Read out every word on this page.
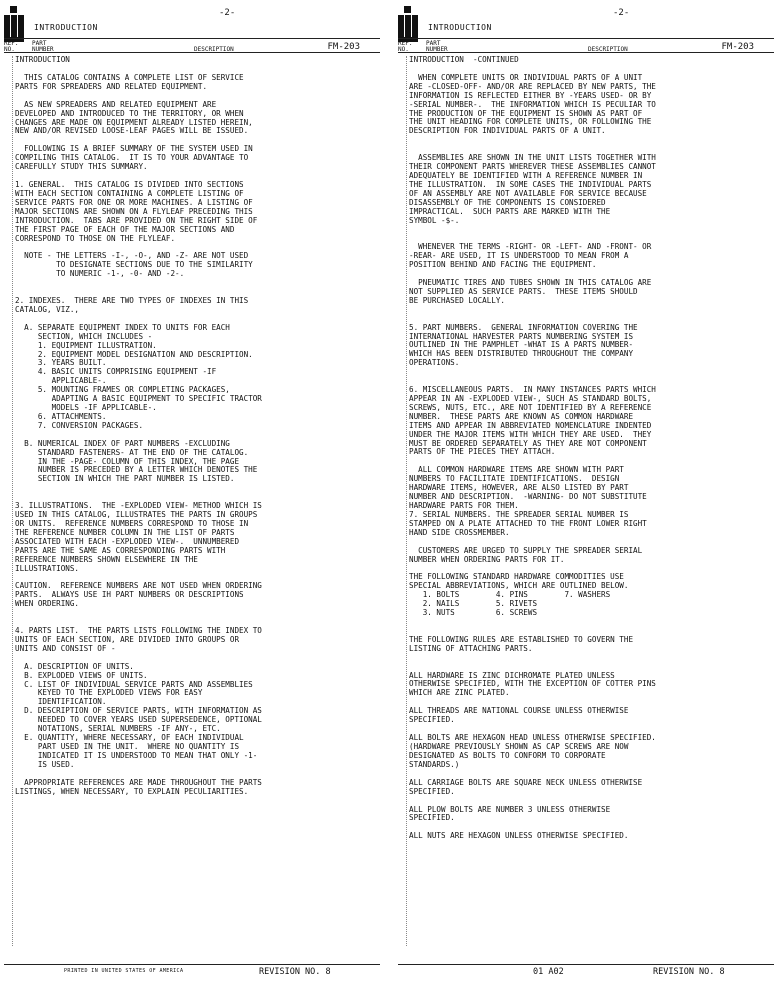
INTRODUCTION
-2-
REF.
NO.
PART
NUMBER	DESCRIPTION	FM-203

INTRODUCTION

THIS CATALOG CONTAINS A COMPLETE LIST OF SERVICE
PARTS FOR SPREADERS AND RELATED EQUIPMENT.

AS NEW SPREADERS AND RELATED EQUIPMENT ARE
DEVELOPED AND INTRODUCED TO THE TERRITORY, OR WHEN
CHANGES ARE MADE ON EQUIPMENT ALREADY LISTED HEREIN,
NEW AND/OR REVISED LOOSE-LEAF PAGES WILL BE ISSUED.

FOLLOWING IS A BRIEF SUMMARY OF THE SYSTEM USED IN
COMPILING THIS CATALOG.  IT IS TO YOUR ADVANTAGE TO
CAREFULLY STUDY THIS SUMMARY.

1. GENERAL.  THIS CATALOG IS DIVIDED INTO SECTIONS
WITH EACH SECTION CONTAINING A COMPLETE LISTING OF
SERVICE PARTS FOR ONE OR MORE MACHINES. A LISTING OF
MAJOR SECTIONS ARE SHOWN ON A FLYLEAF PRECEDING THIS
INTRODUCTION.  TABS ARE PROVIDED ON THE RIGHT SIDE OF
THE FIRST PAGE OF EACH OF THE MAJOR SECTIONS AND
CORRESPOND TO THOSE ON THE FLYLEAF.

NOTE - THE LETTERS -I-, -O-, AND -Z- ARE NOT USED
TO DESIGNATE SECTIONS DUE TO THE SIMILARITY
TO NUMERIC -1-, -0- AND -2-.

2. INDEXES.  THERE ARE TWO TYPES OF INDEXES IN THIS
CATALOG, VIZ.,

A. SEPARATE EQUIPMENT INDEX TO UNITS FOR EACH
SECTION, WHICH INCLUDES -
1. EQUIPMENT ILLUSTRATION.
2. EQUIPMENT MODEL DESIGNATION AND DESCRIPTION.
3. YEARS BUILT.
4. BASIC UNITS COMPRISING EQUIPMENT -IF
APPLICABLE-.
5. MOUNTING FRAMES OR COMPLETING PACKAGES,
ADAPTING A BASIC EQUIPMENT TO SPECIFIC TRACTOR
MODELS -IF APPLICABLE-.
6. ATTACHMENTS.
7. CONVERSION PACKAGES.

B. NUMERICAL INDEX OF PART NUMBERS -EXCLUDING
STANDARD FASTENERS- AT THE END OF THE CATALOG.
IN THE -PAGE- COLUMN OF THIS INDEX, THE PAGE
NUMBER IS PRECEDED BY A LETTER WHICH DENOTES THE
SECTION IN WHICH THE PART NUMBER IS LISTED.

3. ILLUSTRATIONS.  THE -EXPLODED VIEW- METHOD WHICH IS
USED IN THIS CATALOG, ILLUSTRATES THE PARTS IN GROUPS
OR UNITS.  REFERENCE NUMBERS CORRESPOND TO THOSE IN
THE REFERENCE NUMBER COLUMN IN THE LIST OF PARTS
ASSOCIATED WITH EACH -EXPLODED VIEW-.  UNNUMBERED
PARTS ARE THE SAME AS CORRESPONDING PARTS WITH
REFERENCE NUMBERS SHOWN ELSEWHERE IN THE
ILLUSTRATIONS.

CAUTION.  REFERENCE NUMBERS ARE NOT USED WHEN ORDERING
PARTS.  ALWAYS USE IH PART NUMBERS OR DESCRIPTIONS
WHEN ORDERING.

4. PARTS LIST.  THE PARTS LISTS FOLLOWING THE INDEX TO
UNITS OF EACH SECTION, ARE DIVIDED INTO GROUPS OR
UNITS AND CONSIST OF -

A. DESCRIPTION OF UNITS.
B. EXPLODED VIEWS OF UNITS.
C. LIST OF INDIVIDUAL SERVICE PARTS AND ASSEMBLIES
KEYED TO THE EXPLODED VIEWS FOR EASY
IDENTIFICATION.
D. DESCRIPTION OF SERVICE PARTS, WITH INFORMATION AS
NEEDED TO COVER YEARS USED SUPERSEDENCE, OPTIONAL
NOTATIONS, SERIAL NUMBERS -IF ANY-, ETC.
E. QUANTITY, WHERE NECESSARY, OF EACH INDIVIDUAL
PART USED IN THE UNIT.  WHERE NO QUANTITY IS
INDICATED IT IS UNDERSTOOD TO MEAN THAT ONLY -1-
IS USED.

APPROPRIATE REFERENCES ARE MADE THROUGHOUT THE PARTS
LISTINGS, WHEN NECESSARY, TO EXPLAIN PECULIARITIES.

PRINTED IN UNITED STATES OF AMERICA	REVISION NO. 8
INTRODUCTION
-2-
REF.
NO.
PART
NUMBER	DESCRIPTION	FM-203

INTRODUCTION  -CONTINUED

WHEN COMPLETE UNITS OR INDIVIDUAL PARTS OF A UNIT
ARE -CLOSED-OFF- AND/OR ARE REPLACED BY NEW PARTS, THE
INFORMATION IS REFLECTED EITHER BY -YEARS USED- OR BY
-SERIAL NUMBER-.  THE INFORMATION WHICH IS PECULIAR TO
THE PRODUCTION OF THE EQUIPMENT IS SHOWN AS PART OF
THE UNIT HEADING FOR COMPLETE UNITS, OR FOLLOWING THE
DESCRIPTION FOR INDIVIDUAL PARTS OF A UNIT.

ASSEMBLIES ARE SHOWN IN THE UNIT LISTS TOGETHER WITH
THEIR COMPONENT PARTS WHEREVER THESE ASSEMBLIES CANNOT
ADEQUATELY BE IDENTIFIED WITH A REFERENCE NUMBER IN
THE ILLUSTRATION.  IN SOME CASES THE INDIVIDUAL PARTS
OF AN ASSEMBLY ARE NOT AVAILABLE FOR SERVICE BECAUSE
DISASSEMBLY OF THE COMPONENTS IS CONSIDERED
IMPRACTICAL.  SUCH PARTS ARE MARKED WITH THE
SYMBOL -$-.

WHENEVER THE TERMS -RIGHT- OR -LEFT- AND -FRONT- OR
-REAR- ARE USED, IT IS UNDERSTOOD TO MEAN FROM A
POSITION BEHIND AND FACING THE EQUIPMENT.

PNEUMATIC TIRES AND TUBES SHOWN IN THIS CATALOG ARE
NOT SUPPLIED AS SERVICE PARTS.  THESE ITEMS SHOULD
BE PURCHASED LOCALLY.

5. PART NUMBERS.  GENERAL INFORMATION COVERING THE
INTERNATIONAL HARVESTER PARTS NUMBERING SYSTEM IS
OUTLINED IN THE PAMPHLET -WHAT IS A PARTS NUMBER-
WHICH HAS BEEN DISTRIBUTED THROUGHOUT THE COMPANY
OPERATIONS.

6. MISCELLANEOUS PARTS.  IN MANY INSTANCES PARTS WHICH
APPEAR IN AN -EXPLODED VIEW-, SUCH AS STANDARD BOLTS,
SCREWS, NUTS, ETC., ARE NOT IDENTIFIED BY A REFERENCE
NUMBER.  THESE PARTS ARE KNOWN AS COMMON HARDWARE
ITEMS AND APPEAR IN ABBREVIATED NOMENCLATURE INDENTED
UNDER THE MAJOR ITEMS WITH WHICH THEY ARE USED.  THEY
MUST BE ORDERED SEPARATELY AS THEY ARE NOT COMPONENT
PARTS OF THE PIECES THEY ATTACH.

ALL COMMON HARDWARE ITEMS ARE SHOWN WITH PART
NUMBERS TO FACILITATE IDENTIFICATIONS.  DESIGN
HARDWARE ITEMS, HOWEVER, ARE ALSO LISTED BY PART
NUMBER AND DESCRIPTION.  -WARNING- DO NOT SUBSTITUTE
HARDWARE PARTS FOR THEM.
7. SERIAL NUMBERS. THE SPREADER SERIAL NUMBER IS
STAMPED ON A PLATE ATTACHED TO THE FRONT LOWER RIGHT
HAND SIDE CROSSMEMBER.

CUSTOMERS ARE URGED TO SUPPLY THE SPREADER SERIAL
NUMBER WHEN ORDERING PARTS FOR IT.

THE FOLLOWING STANDARD HARDWARE COMMODITIES USE
SPECIAL ABBREVIATIONS, WHICH ARE OUTLINED BELOW.
1. BOLTS        4. PINS        7. WASHERS
2. NAILS        5. RIVETS
3. NUTS         6. SCREWS

THE FOLLOWING RULES ARE ESTABLISHED TO GOVERN THE
LISTING OF ATTACHING PARTS.

ALL HARDWARE IS ZINC DICHROMATE PLATED UNLESS
OTHERWISE SPECIFIED, WITH THE EXCEPTION OF COTTER PINS
WHICH ARE ZINC PLATED.

ALL THREADS ARE NATIONAL COURSE UNLESS OTHERWISE
SPECIFIED.

ALL BOLTS ARE HEXAGON HEAD UNLESS OTHERWISE SPECIFIED.
(HARDWARE PREVIOUSLY SHOWN AS CAP SCREWS ARE NOW
DESIGNATED AS BOLTS TO CONFORM TO CORPORATE
STANDARDS.)

ALL CARRIAGE BOLTS ARE SQUARE NECK UNLESS OTHERWISE
SPECIFIED.

ALL PLOW BOLTS ARE NUMBER 3 UNLESS OTHERWISE
SPECIFIED.

ALL NUTS ARE HEXAGON UNLESS OTHERWISE SPECIFIED.

01 A02	REVISION NO. 8
